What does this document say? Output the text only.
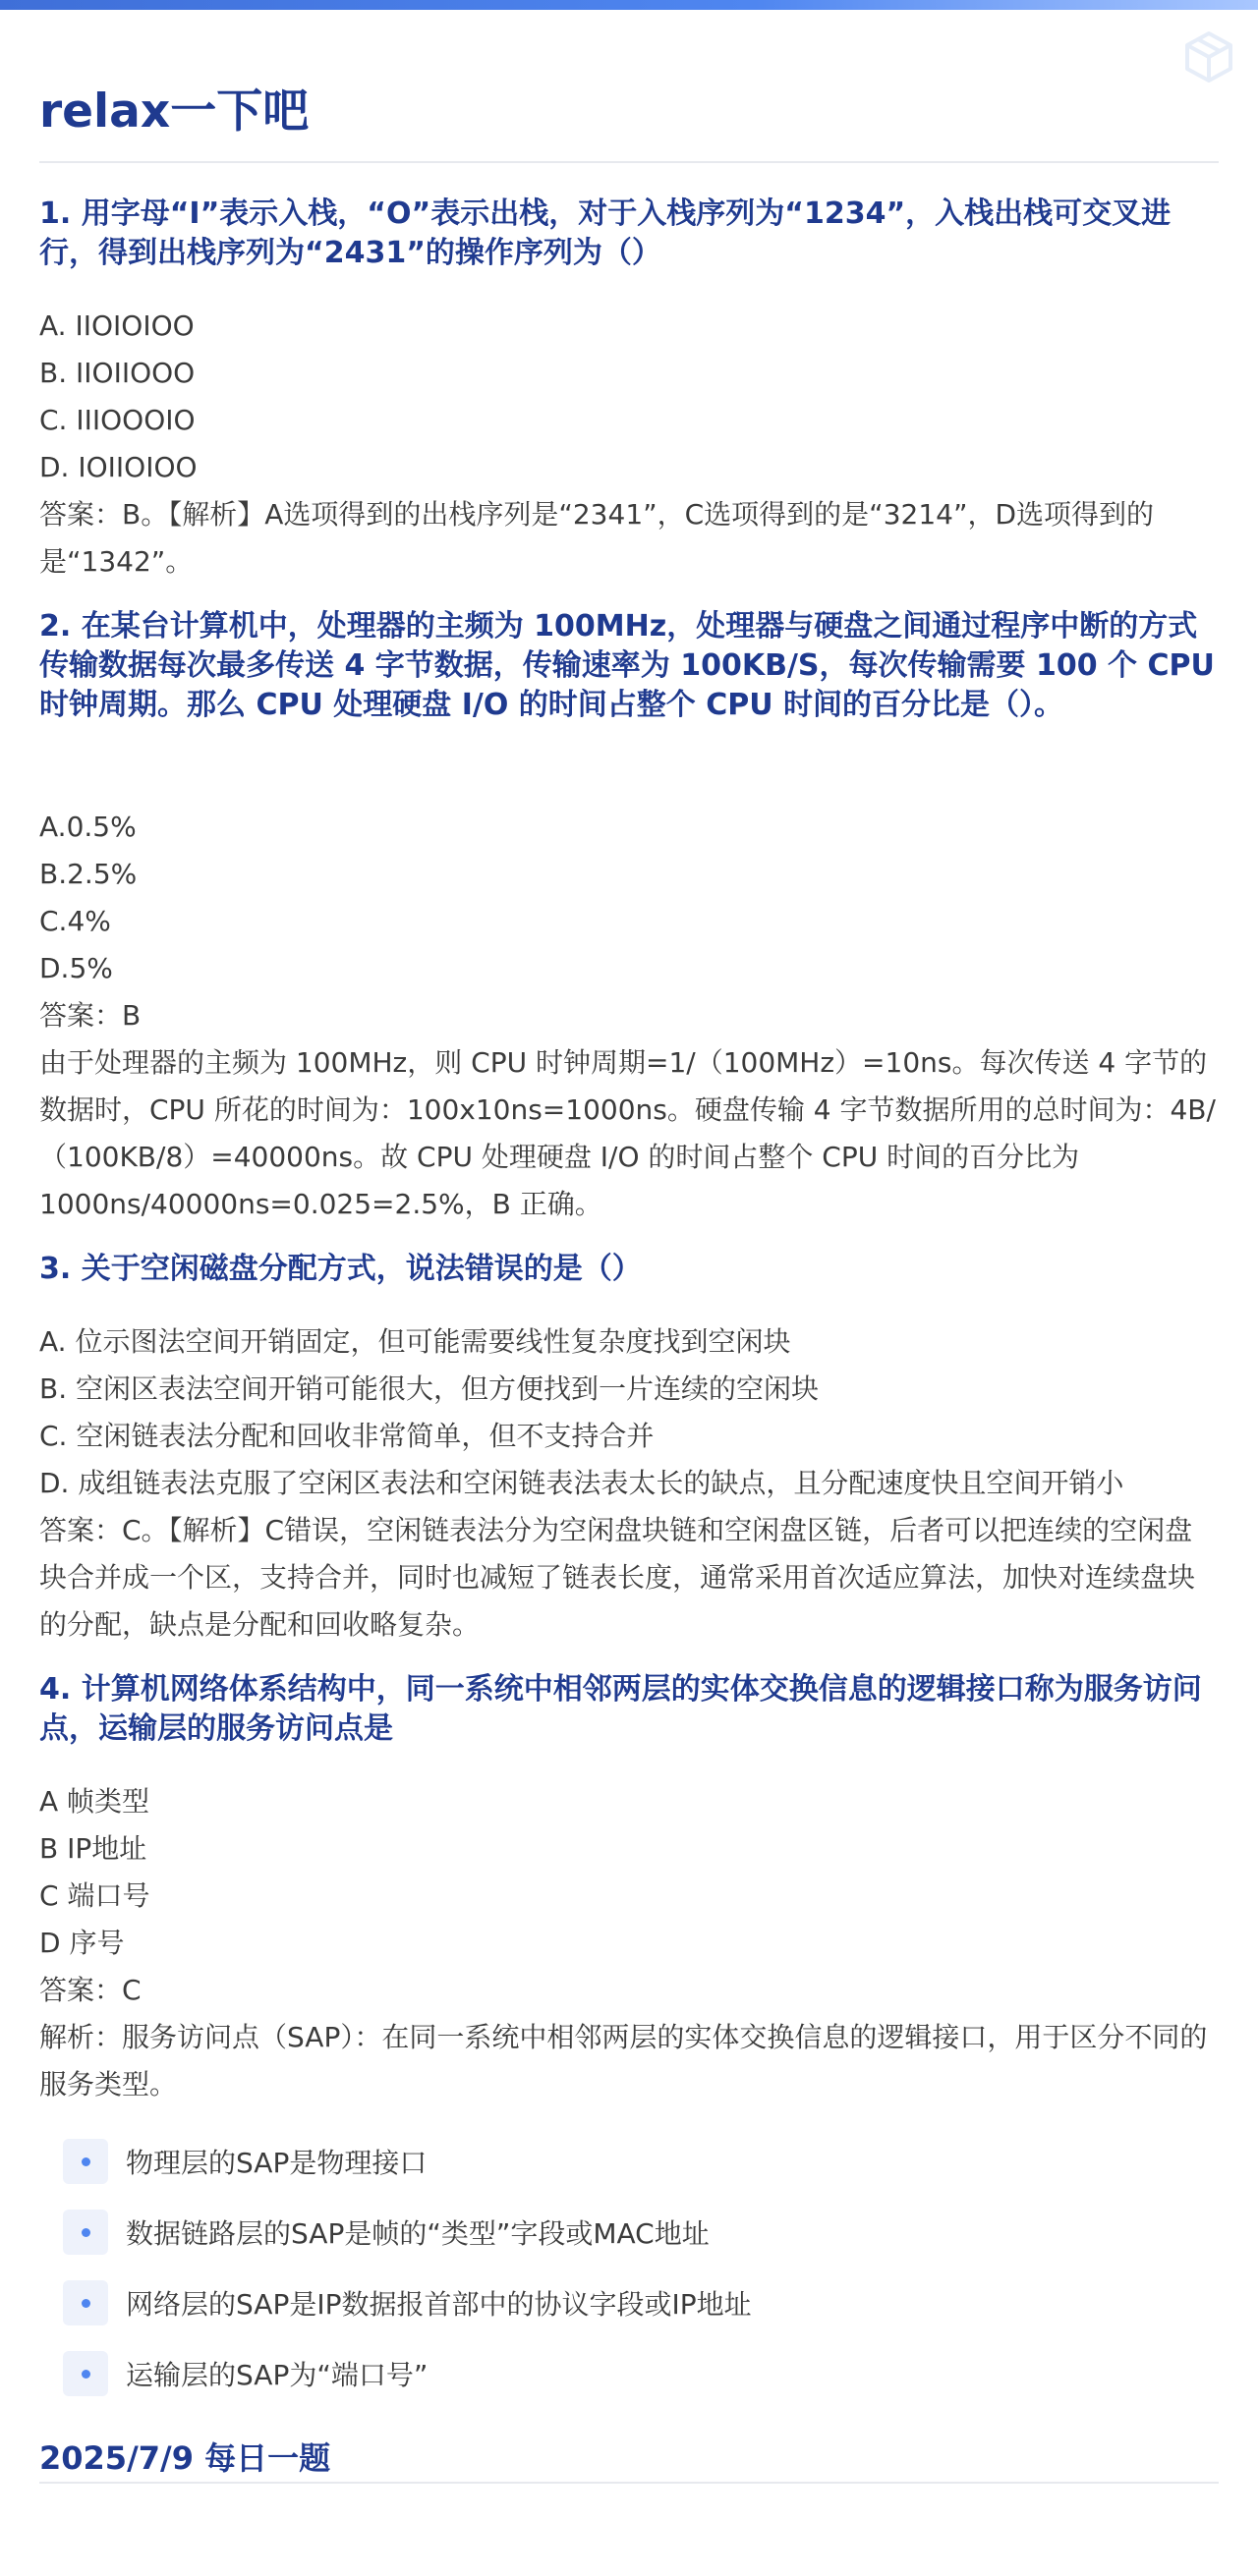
relax一下吧
1. 用字母“I”表示入栈，“O”表示出栈，对于入栈序列为“1234”，入栈出栈可交叉进行，得到出栈序列为“2431”的操作序列为（）

A. IIOIOIOO

B. IIOIIOOO

C. IIIOOOIO

D. IOIIOIOO

答案：B。【解析】A选项得到的出栈序列是“2341”，C选项得到的是“3214”，D选项得到的是“1342”。

2. 在某台计算机中，处理器的主频为 100MHz，处理器与硬盘之间通过程序中断的方式传输数据每次最多传送 4 字节数据，传输速率为 100KB/S，每次传输需要 100 个 CPU 时钟周期。那么 CPU 处理硬盘 I/O 的时间占整个 CPU 时间的百分比是（）。

A.0.5%

B.2.5%

C.4%

D.5%

答案：B

由于处理器的主频为 100MHz，则 CPU 时钟周期=1/（100MHz）=10ns。每次传送 4 字节的数据时，CPU 所花的时间为：100x10ns=1000ns。硬盘传输 4 字节数据所用的总时间为：4B/（100KB/8）=40000ns。故 CPU 处理硬盘 I/O 的时间占整个 CPU 时间的百分比为 1000ns/40000ns=0.025=2.5%，B 正确。

3. 关于空闲磁盘分配方式，说法错误的是（）

A. 位示图法空间开销固定，但可能需要线性复杂度找到空闲块

B. 空闲区表法空间开销可能很大，但方便找到一片连续的空闲块

C. 空闲链表法分配和回收非常简单，但不支持合并

D. 成组链表法克服了空闲区表法和空闲链表法表太长的缺点，且分配速度快且空间开销小

答案：C。【解析】C错误，空闲链表法分为空闲盘块链和空闲盘区链，后者可以把连续的空闲盘块合并成一个区，支持合并，同时也减短了链表长度，通常采用首次适应算法，加快对连续盘块的分配，缺点是分配和回收略复杂。

4. 计算机网络体系结构中，同一系统中相邻两层的实体交换信息的逻辑接口称为服务访问点，运输层的服务访问点是

A 帧类型

B IP地址

C 端口号

D 序号

答案：C

解析：服务访问点（SAP）：在同一系统中相邻两层的实体交换信息的逻辑接口，用于区分不同的服务类型。

物理层的SAP是物理接口
数据链路层的SAP是帧的“类型”字段或MAC地址
网络层的SAP是IP数据报首部中的协议字段或IP地址
运输层的SAP为“端口号”
2025/7/9 每日一题
